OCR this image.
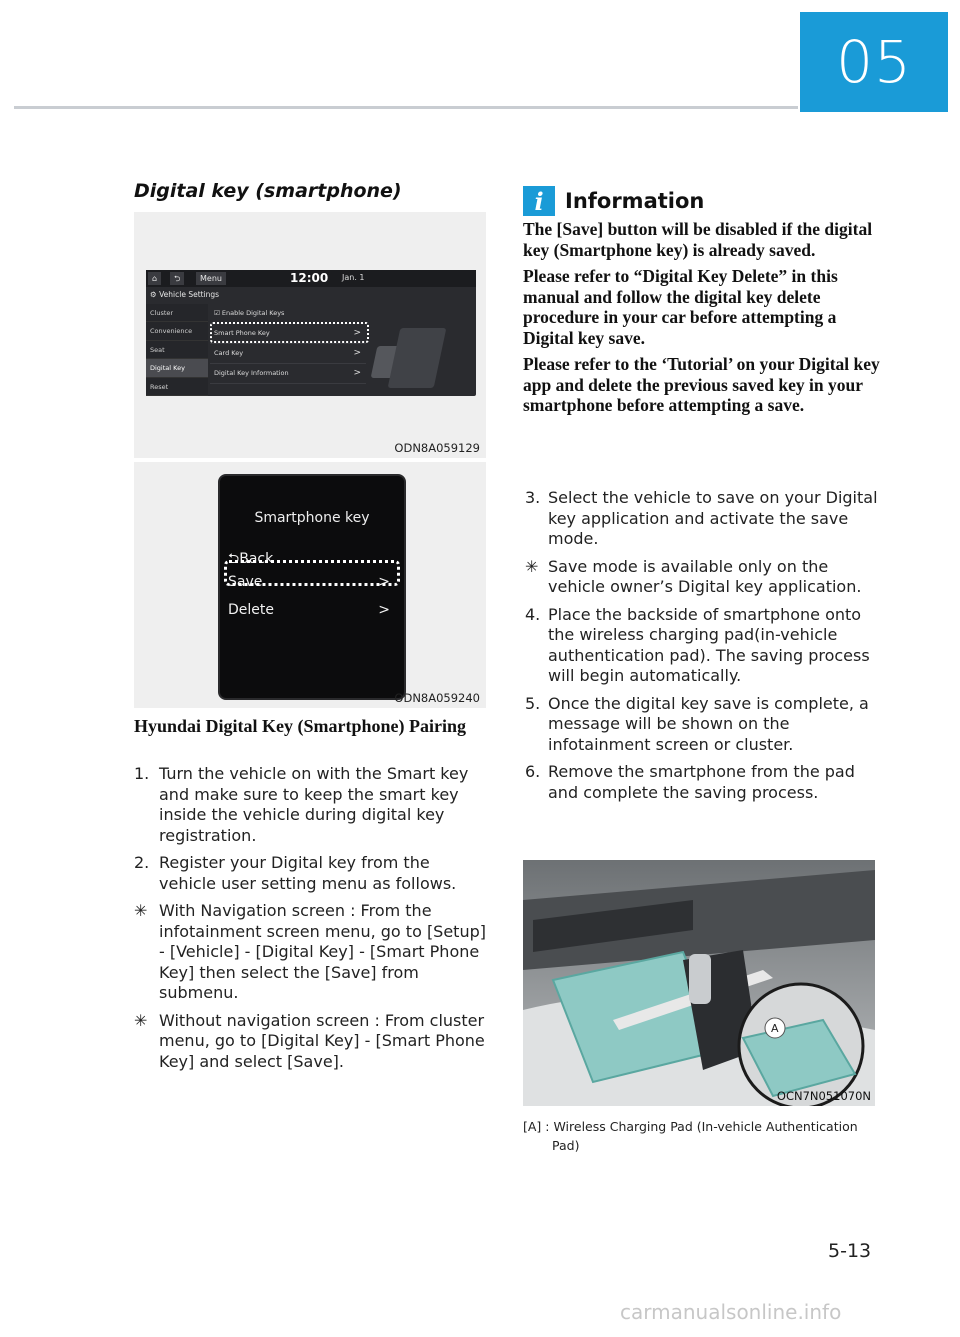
05
Digital key (smartphone)
⌂	⮌	Menu	12:00 Jan. 1
⚙ Vehicle Settings
Cluster
Convenience
Seat
Digital Key
Reset
☑ Enable Digital Keys
Smart Phone Key	>
Card Key	>
Digital Key Information	>
ODN8A059129
Smartphone key
⮌Back
Save	>
Delete	>
ODN8A059240
Hyundai Digital Key (Smartphone) Pairing
1. Turn the vehicle on with the Smart key and make sure to keep the smart key inside the vehicle during digital key registration.
2. Register your Digital key from the vehicle user setting menu as follows.
✳ With Navigation screen : From the infotainment screen menu, go to [Setup] - [Vehicle] - [Digital Key] - [Smart Phone Key] then select the [Save] from submenu.
✳ Without navigation screen : From cluster menu, go to [Digital Key] - [Smart Phone Key] and select [Save].
i	Information

The [Save] button will be disabled if the digital key (Smartphone key) is already saved.

Please refer to “Digital Key Delete” in this manual and follow the digital key delete procedure in your car before attempting a Digital key save.

Please refer to the ‘Tutorial’ on your Digital key app and delete the previous saved key in your smartphone before attempting a save.

3. Select the vehicle to save on your Digital key application and activate the save mode.
✳ Save mode is available only on the vehicle owner’s Digital key application.
4. Place the backside of smartphone onto the wireless charging pad(in-vehicle authentication pad). The saving process will begin automatically.
5. Once the digital key save is complete, a message will be shown on the infotainment screen or cluster.
6. Remove the smartphone from the pad and complete the saving process.
A
OCN7N051070N
[A] : Wireless Charging Pad (In-vehicle Authentication
Pad)
5-13
carmanualsonline.info
